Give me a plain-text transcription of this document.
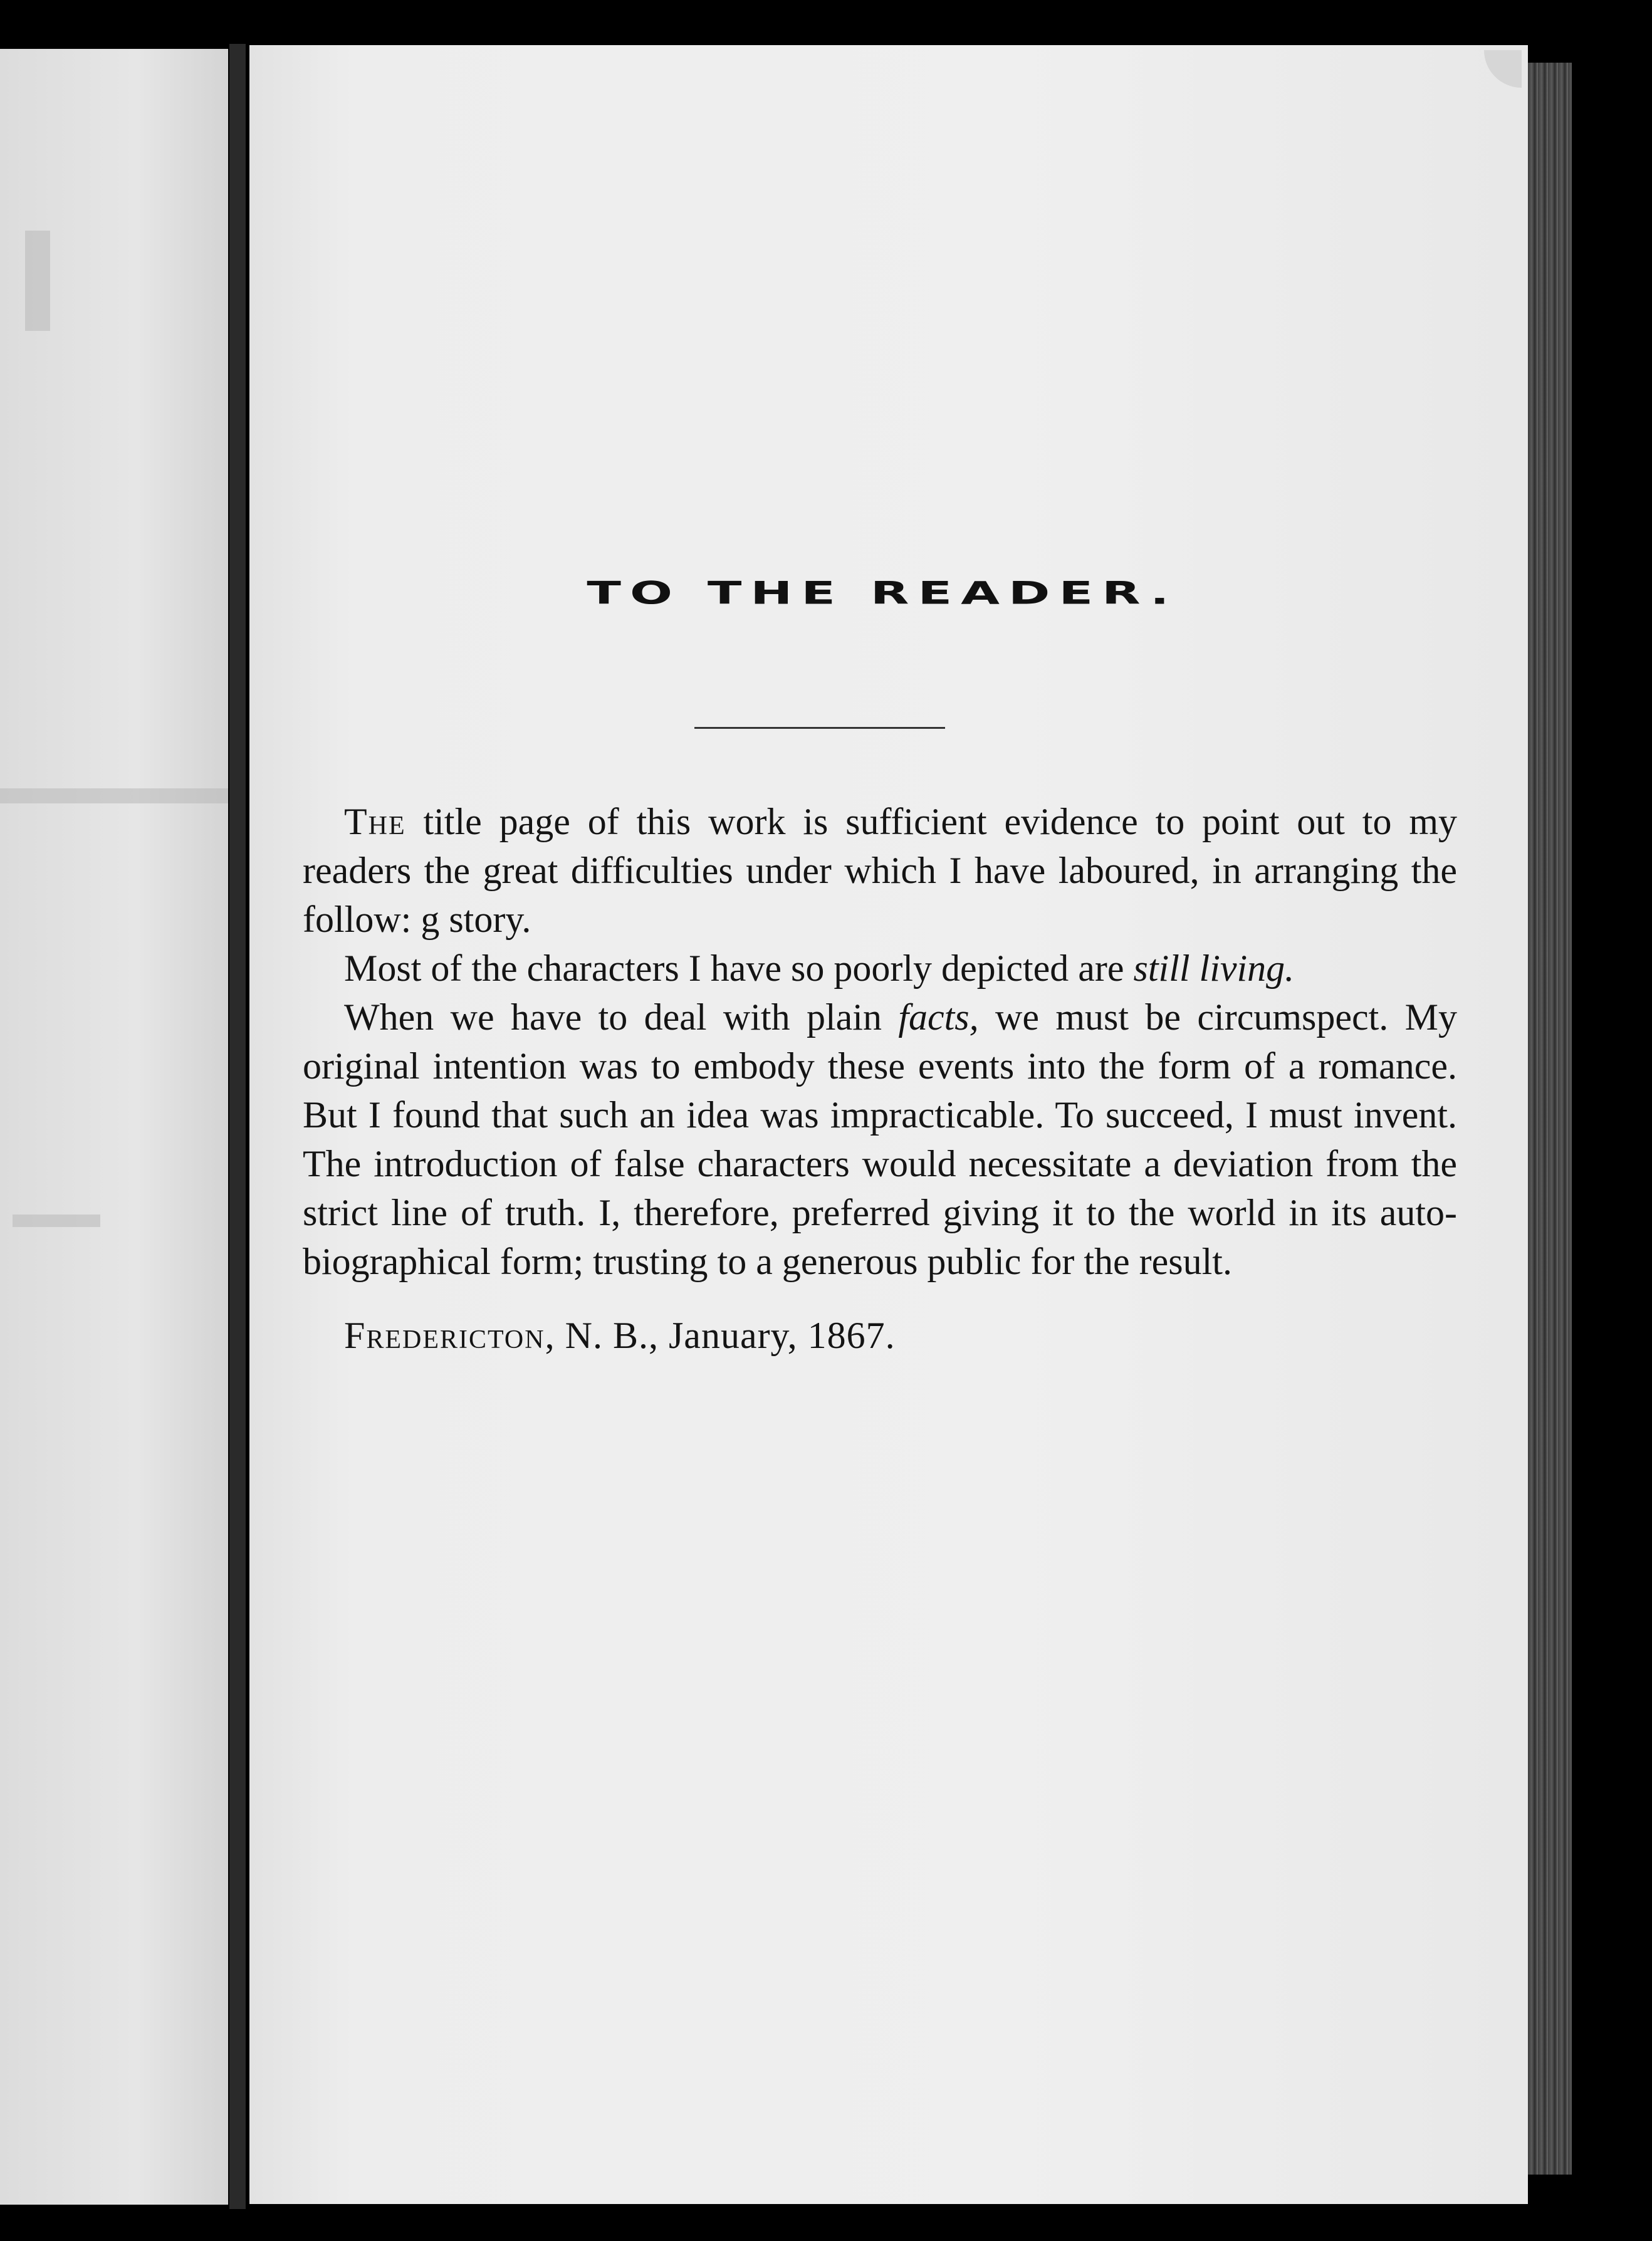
TO THE READER.

The title page of this work is sufficient evidence to point out to my readers the great difficulties under which I have laboured, in arranging the follow: g story.

Most of the characters I have so poorly depicted are still living.

When we have to deal with plain facts, we must be circumspect. My original intention was to embody these events into the form of a romance. But I found that such an idea was impracticable. To succeed, I must invent. The introduction of false characters would necessitate a deviation from the strict line of truth. I, therefore, preferred giving it to the world in its auto-biographical form; trusting to a generous public for the result.

Fredericton, N. B., January, 1867.
